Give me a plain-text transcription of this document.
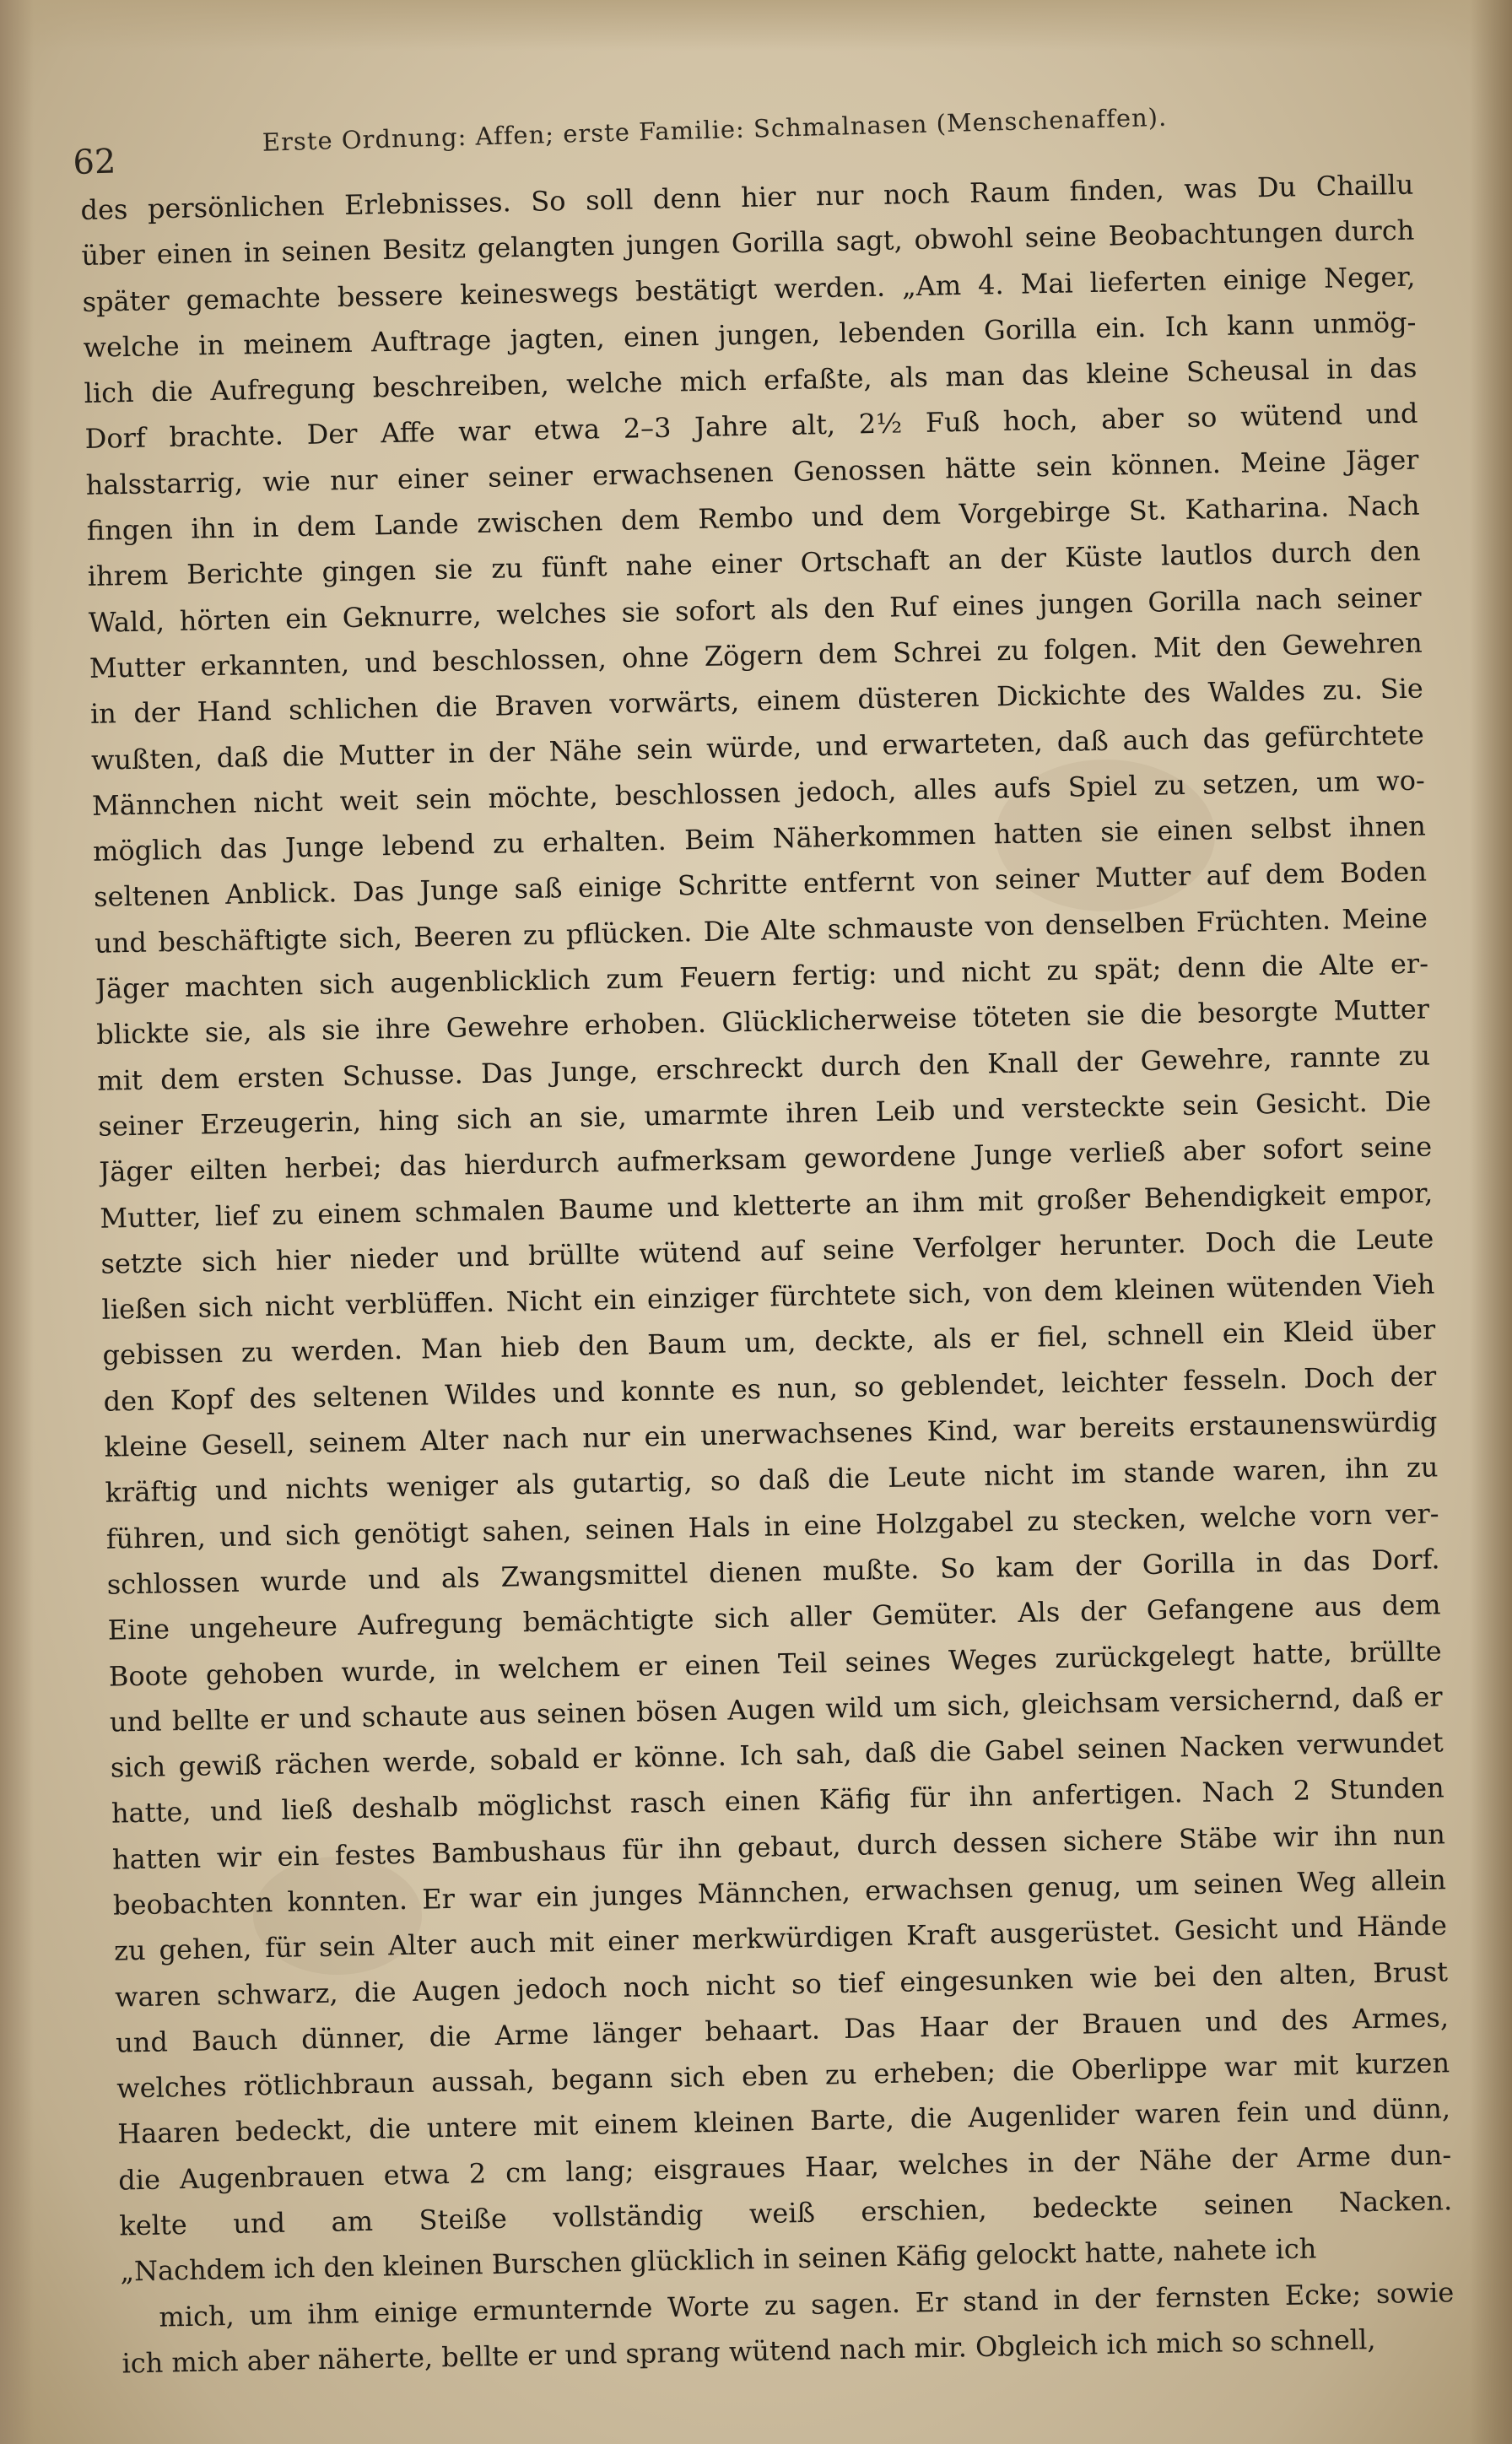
62
Erste Ordnung: Affen; erste Familie: Schmalnasen (Menschenaffen).
des persönlichen Erlebnisses. So soll denn hier nur noch Raum finden, was Du Chaillu
über einen in seinen Besitz gelangten jungen Gorilla sagt, obwohl seine Beobachtungen durch
später gemachte bessere keineswegs bestätigt werden. „Am 4. Mai lieferten einige Neger,
welche in meinem Auftrage jagten, einen jungen, lebenden Gorilla ein. Ich kann unmög-
lich die Aufregung beschreiben, welche mich erfaßte, als man das kleine Scheusal in das
Dorf brachte. Der Affe war etwa 2–3 Jahre alt, 2½ Fuß hoch, aber so wütend und
halsstarrig, wie nur einer seiner erwachsenen Genossen hätte sein können. Meine Jäger
fingen ihn in dem Lande zwischen dem Rembo und dem Vorgebirge St. Katharina. Nach
ihrem Berichte gingen sie zu fünft nahe einer Ortschaft an der Küste lautlos durch den
Wald, hörten ein Geknurre, welches sie sofort als den Ruf eines jungen Gorilla nach seiner
Mutter erkannten, und beschlossen, ohne Zögern dem Schrei zu folgen. Mit den Gewehren
in der Hand schlichen die Braven vorwärts, einem düsteren Dickichte des Waldes zu. Sie
wußten, daß die Mutter in der Nähe sein würde, und erwarteten, daß auch das gefürchtete
Männchen nicht weit sein möchte, beschlossen jedoch, alles aufs Spiel zu setzen, um wo-
möglich das Junge lebend zu erhalten. Beim Näherkommen hatten sie einen selbst ihnen
seltenen Anblick. Das Junge saß einige Schritte entfernt von seiner Mutter auf dem Boden
und beschäftigte sich, Beeren zu pflücken. Die Alte schmauste von denselben Früchten. Meine
Jäger machten sich augenblicklich zum Feuern fertig: und nicht zu spät; denn die Alte er-
blickte sie, als sie ihre Gewehre erhoben. Glücklicherweise töteten sie die besorgte Mutter
mit dem ersten Schusse. Das Junge, erschreckt durch den Knall der Gewehre, rannte zu
seiner Erzeugerin, hing sich an sie, umarmte ihren Leib und versteckte sein Gesicht. Die
Jäger eilten herbei; das hierdurch aufmerksam gewordene Junge verließ aber sofort seine
Mutter, lief zu einem schmalen Baume und kletterte an ihm mit großer Behendigkeit empor,
setzte sich hier nieder und brüllte wütend auf seine Verfolger herunter. Doch die Leute
ließen sich nicht verblüffen. Nicht ein einziger fürchtete sich, von dem kleinen wütenden Vieh
gebissen zu werden. Man hieb den Baum um, deckte, als er fiel, schnell ein Kleid über
den Kopf des seltenen Wildes und konnte es nun, so geblendet, leichter fesseln. Doch der
kleine Gesell, seinem Alter nach nur ein unerwachsenes Kind, war bereits erstaunenswürdig
kräftig und nichts weniger als gutartig, so daß die Leute nicht im stande waren, ihn zu
führen, und sich genötigt sahen, seinen Hals in eine Holzgabel zu stecken, welche vorn ver-
schlossen wurde und als Zwangsmittel dienen mußte. So kam der Gorilla in das Dorf.
Eine ungeheure Aufregung bemächtigte sich aller Gemüter. Als der Gefangene aus dem
Boote gehoben wurde, in welchem er einen Teil seines Weges zurückgelegt hatte, brüllte
und bellte er und schaute aus seinen bösen Augen wild um sich, gleichsam versichernd, daß er
sich gewiß rächen werde, sobald er könne. Ich sah, daß die Gabel seinen Nacken verwundet
hatte, und ließ deshalb möglichst rasch einen Käfig für ihn anfertigen. Nach 2 Stunden
hatten wir ein festes Bambushaus für ihn gebaut, durch dessen sichere Stäbe wir ihn nun
beobachten konnten. Er war ein junges Männchen, erwachsen genug, um seinen Weg allein
zu gehen, für sein Alter auch mit einer merkwürdigen Kraft ausgerüstet. Gesicht und Hände
waren schwarz, die Augen jedoch noch nicht so tief eingesunken wie bei den alten, Brust
und Bauch dünner, die Arme länger behaart. Das Haar der Brauen und des Armes,
welches rötlichbraun aussah, begann sich eben zu erheben; die Oberlippe war mit kurzen
Haaren bedeckt, die untere mit einem kleinen Barte, die Augenlider waren fein und dünn,
die Augenbrauen etwa 2 cm lang; eisgraues Haar, welches in der Nähe der Arme dun-
kelte und am Steiße vollständig weiß erschien, bedeckte seinen Nacken.
„Nachdem ich den kleinen Burschen glücklich in seinen Käfig gelockt hatte, nahete ich
mich, um ihm einige ermunternde Worte zu sagen. Er stand in der fernsten Ecke; sowie
ich mich aber näherte, bellte er und sprang wütend nach mir. Obgleich ich mich so schnell,
